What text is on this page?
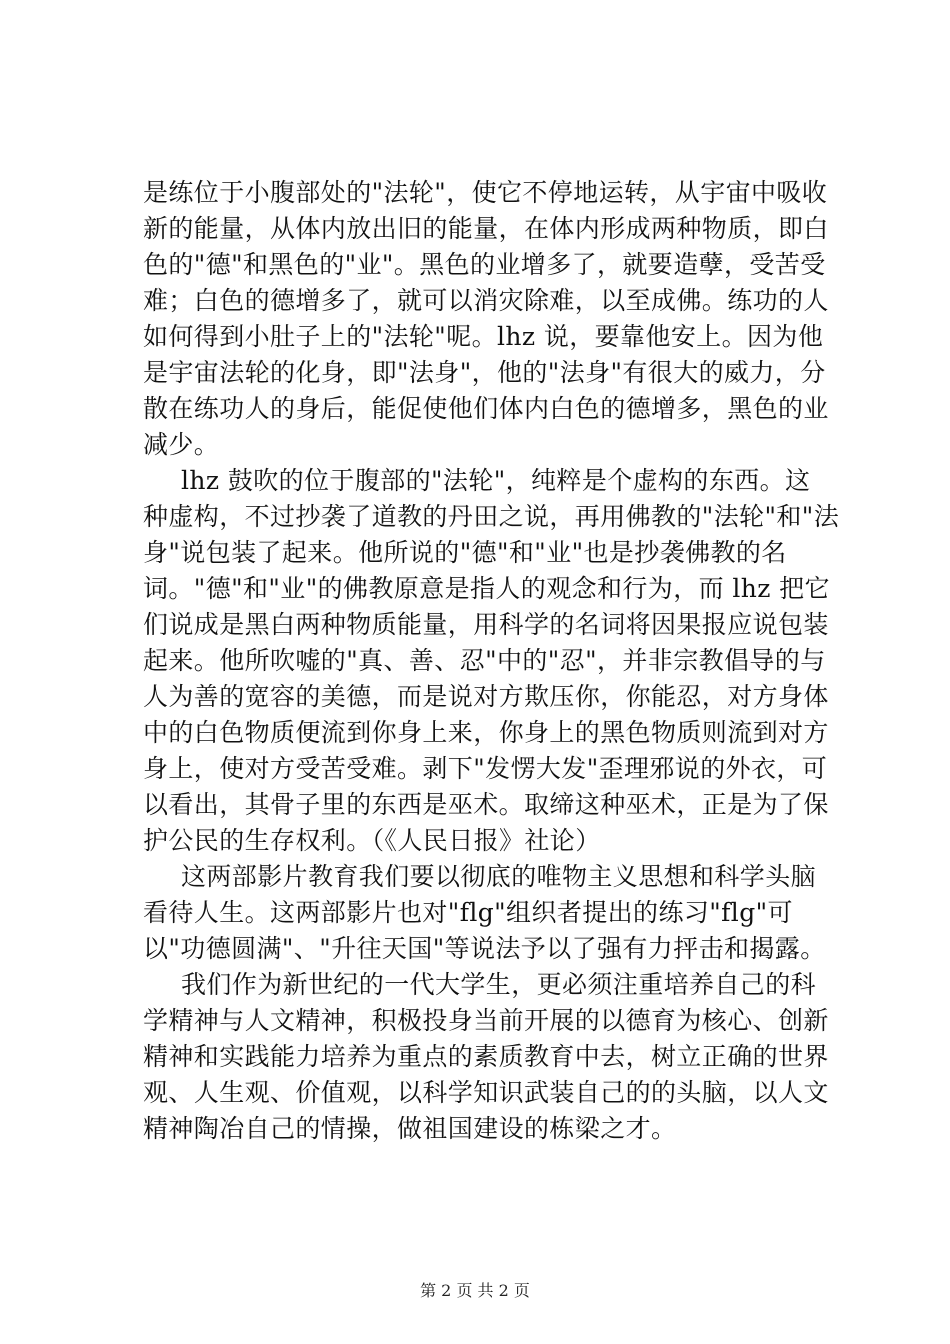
是练位于小腹部处的"法轮"，使它不停地运转，从宇宙中吸收
新的能量，从体内放出旧的能量，在体内形成两种物质，即白
色的"德"和黑色的"业"。黑色的业增多了，就要造孽，受苦受
难；白色的德增多了，就可以消灾除难，以至成佛。练功的人
如何得到小肚子上的"法轮"呢。lhz 说，要靠他安上。因为他
是宇宙法轮的化身，即"法身"，他的"法身"有很大的威力，分
散在练功人的身后，能促使他们体内白色的德增多，黑色的业
减少。
lhz 鼓吹的位于腹部的"法轮"，纯粹是个虚构的东西。这
种虚构，不过抄袭了道教的丹田之说，再用佛教的"法轮"和"法
身"说包装了起来。他所说的"德"和"业"也是抄袭佛教的名
词。"德"和"业"的佛教原意是指人的观念和行为，而 lhz 把它
们说成是黑白两种物质能量，用科学的名词将因果报应说包装
起来。他所吹嘘的"真、善、忍"中的"忍"，并非宗教倡导的与
人为善的宽容的美德，而是说对方欺压你，你能忍，对方身体
中的白色物质便流到你身上来，你身上的黑色物质则流到对方
身上，使对方受苦受难。剥下"发愣大发"歪理邪说的外衣，可
以看出，其骨子里的东西是巫术。取缔这种巫术，正是为了保
护公民的生存权利。（《人民日报》社论）
这两部影片教育我们要以彻底的唯物主义思想和科学头脑
看待人生。这两部影片也对"flg"组织者提出的练习"flg"可
以"功德圆满"、"升往天国"等说法予以了强有力抨击和揭露。
我们作为新世纪的一代大学生，更必须注重培养自己的科
学精神与人文精神，积极投身当前开展的以德育为核心、创新
精神和实践能力培养为重点的素质教育中去，树立正确的世界
观、人生观、价值观，以科学知识武装自己的的头脑，以人文
精神陶冶自己的情操，做祖国建设的栋梁之才。
第 2 页 共 2 页
